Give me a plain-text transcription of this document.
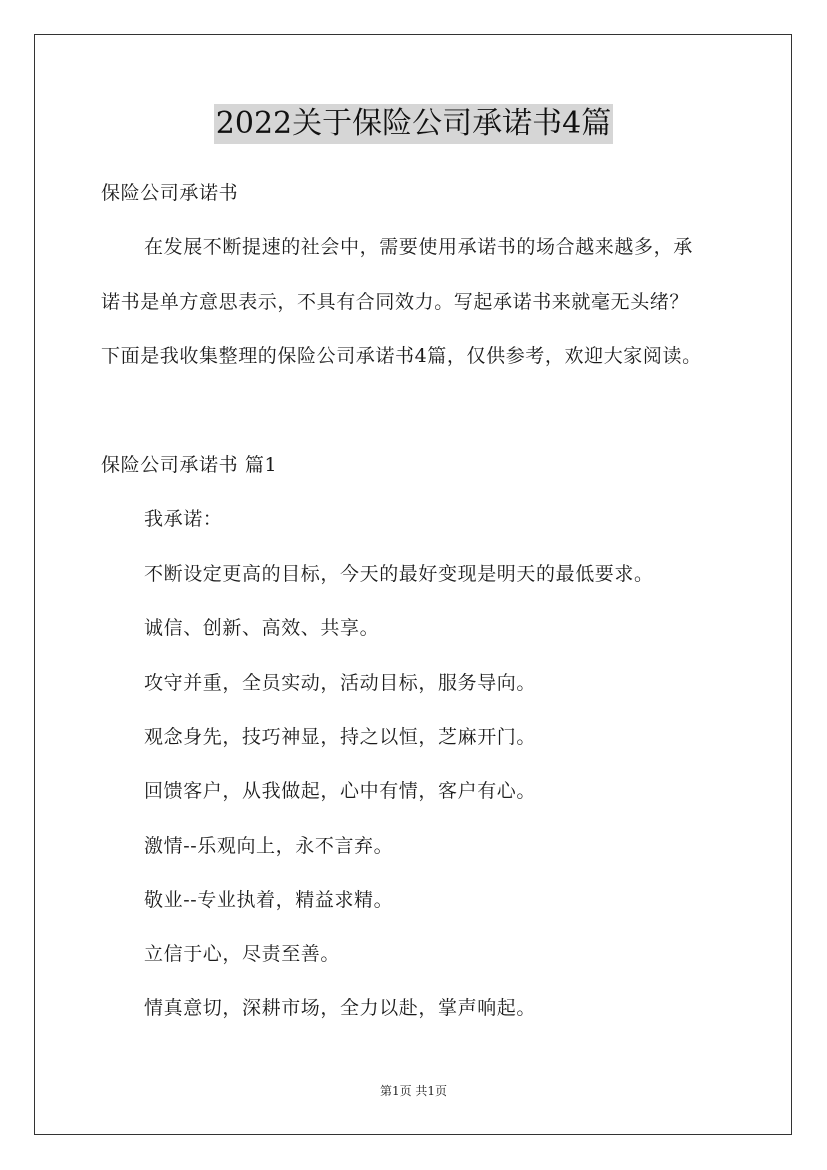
2022关于保险公司承诺书4篇
保险公司承诺书
在发展不断提速的社会中，需要使用承诺书的场合越来越多，承
诺书是单方意思表示，不具有合同效力。写起承诺书来就毫无头绪？
下面是我收集整理的保险公司承诺书4篇，仅供参考，欢迎大家阅读。
保险公司承诺书 篇1
我承诺：
不断设定更高的目标，今天的最好变现是明天的最低要求。
诚信、创新、高效、共享。
攻守并重，全员实动，活动目标，服务导向。
观念身先，技巧神显，持之以恒，芝麻开门。
回馈客户，从我做起，心中有情，客户有心。
激情--乐观向上，永不言弃。
敬业--专业执着，精益求精。
立信于心，尽责至善。
情真意切，深耕市场，全力以赴，掌声响起。
第1页 共1页
